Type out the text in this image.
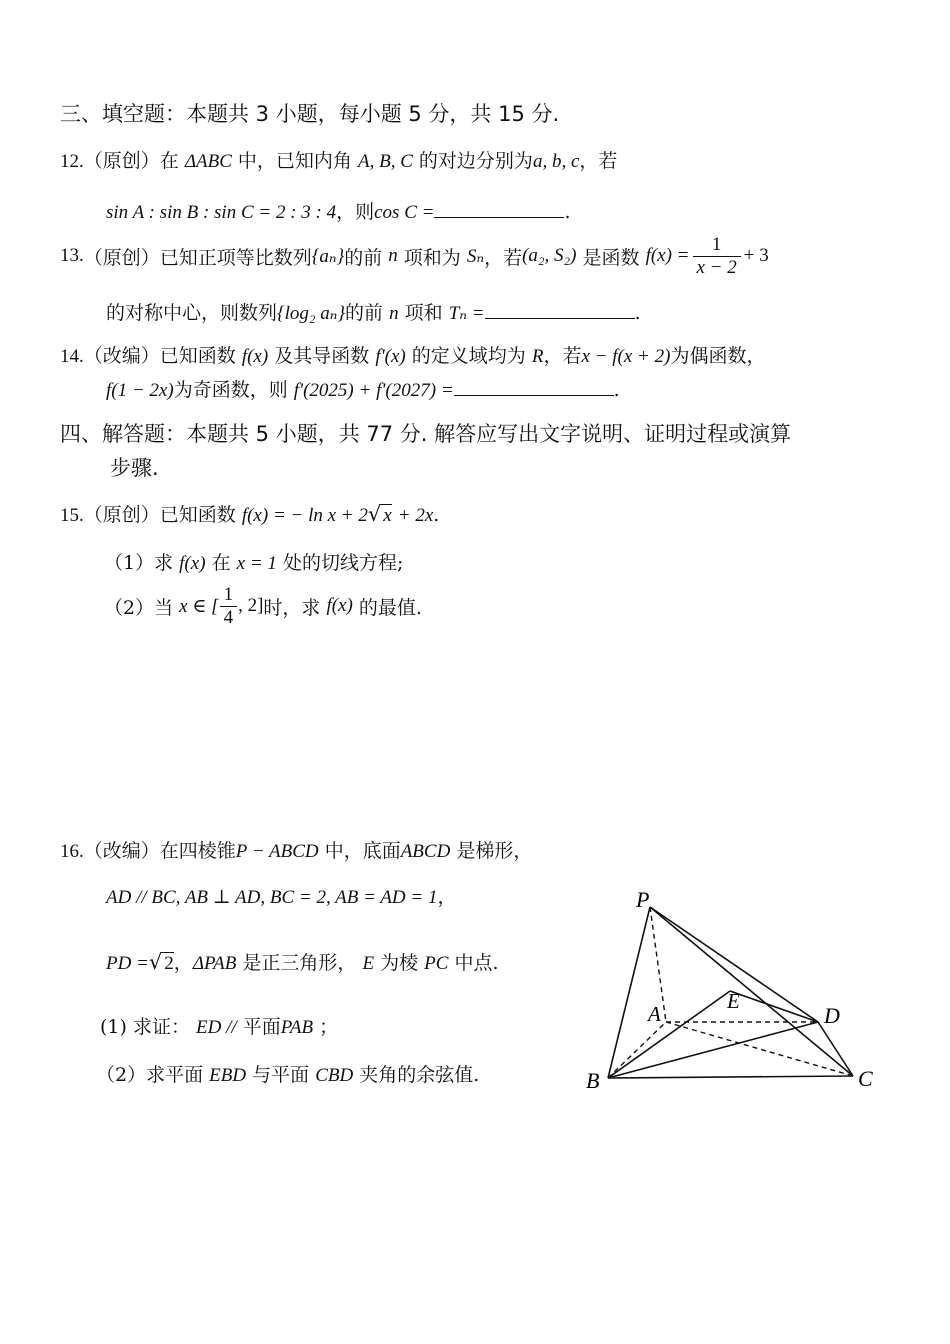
三、填空题：本题共 3 小题，每小题 5 分，共 15 分.
12.（原创）在 ΔABC 中，已知内角 A, B, C 的对边分别为a, b, c，若
sin A : sin B : sin C = 2 : 3 : 4，则cos C =	.
13. （原创） 已知正项等比数列 {aₙ} 的前
n
项和为
Sₙ ，若 (a₂, S₂)
是函数
$f(x) = \frac{1}{x - 2} + 3$
的对称中心，则数列{log₂ aₙ}的前 n 项和 Tₙ =	.
14.（改编）已知函数 f(x) 及其导函数 f'(x) 的定义域均为 R，若x − f(x + 2)为偶函数，
f(1 − 2x)为奇函数，则 f'(2025) + f'(2027) =	.
四、解答题：本题共 5 小题，共 77 分. 解答应写出文字说明、证明过程或演算
步骤.
15.（原创）已知函数 f(x) = − ln x + 2√ x + 2x.
（1）求 f(x) 在 x = 1 处的切线方程;
（2） 当
x ∈ [ $\frac{1}{4}$ , 2] 时，求
f(x)
的最值.
16.（改编）在四棱锥P − ABCD 中，底面ABCD 是梯形，
AD // BC, AB ⊥ AD, BC = 2, AB = AD = 1，
PD =√ 2，ΔPAB 是正三角形， E 为棱 PC 中点.
(1) 求证： ED // 平面PAB ；
（2）求平面 EBD 与平面 CBD 夹角的余弦值.
P
A
E
D
B	C
